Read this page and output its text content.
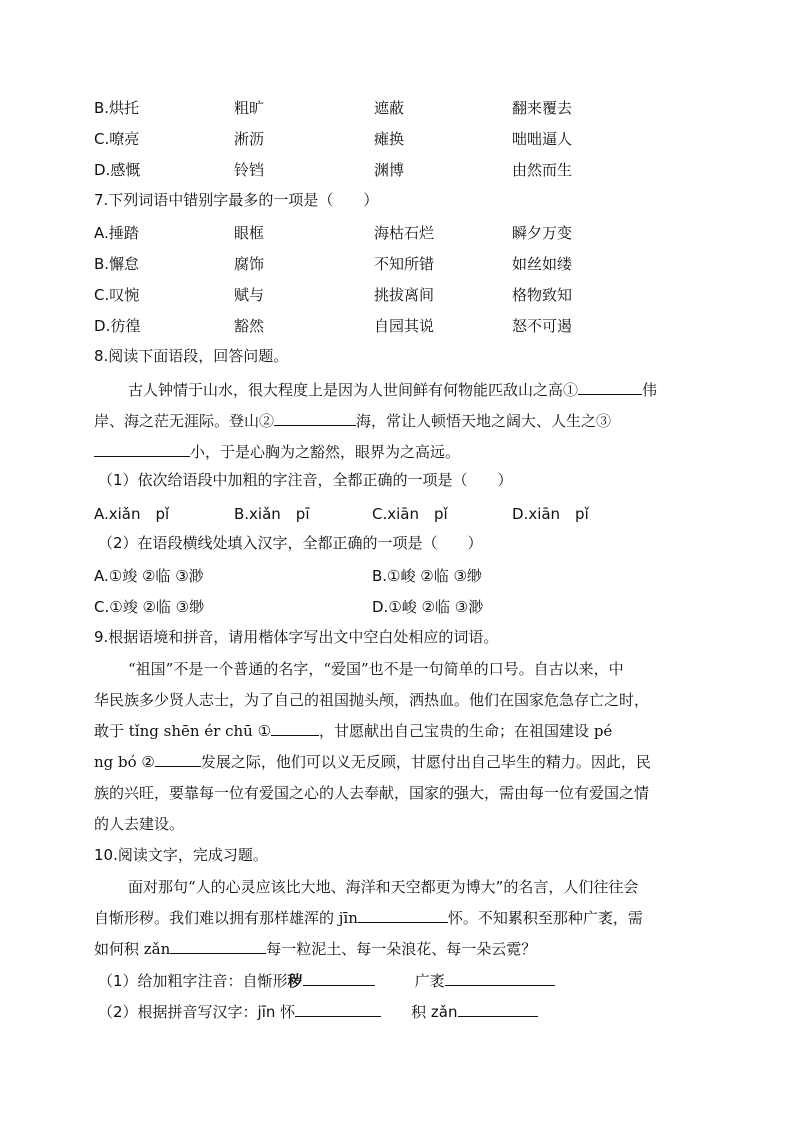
B.烘托	粗旷	遮蔽	翻来覆去
C.嘹亮	淅沥	瘫换	咄咄逼人
D.感慨	铃铛	渊博	由然而生
7.下列词语中错别字最多的一项是（　　）
A.捶踏	眼框	海枯石烂	瞬夕万变
B.懈怠	腐饰	不知所错	如丝如缕
C.叹惋	赋与	挑拔离间	格物致知
D.彷徨	豁然	自园其说	怒不可遏
8.阅读下面语段，回答问题。
古人钟情于山水，很大程度上是因为人世间鲜有何物能匹敌山之高①	伟
岸、海之茫无涯际。登山②	海，常让人顿悟天地之阔大、人生之③
小，于是心胸为之豁然，眼界为之高远。
（1）依次给语段中加粗的字注音，全都正确的一项是（　　）
A.xiǎn　pǐ	B.xiǎn　pī	C.xiān　pǐ	D.xiān　pǐ
（2）在语段横线处填入汉字，全都正确的一项是（　　）
A.①竣 ②临 ③渺	B.①峻 ②临 ③缈
C.①竣 ②临 ③缈	D.①峻 ②临 ③渺
9.根据语境和拼音，请用楷体字写出文中空白处相应的词语。
“祖国”不是一个普通的名字，“爱国”也不是一句简单的口号。自古以来，中
华民族多少贤人志士，为了自己的祖国抛头颅，洒热血。他们在国家危急存亡之时，
敢于 tǐng shēn ér chū ①	，甘愿献出自己宝贵的生命；在祖国建设 pé
ng bó ②	发展之际，他们可以义无反顾，甘愿付出自己毕生的精力。因此，民
族的兴旺，要靠每一位有爱国之心的人去奉献，国家的强大，需由每一位有爱国之情
的人去建设。
10.阅读文字，完成习题。
面对那句“人的心灵应该比大地、海洋和天空都更为博大”的名言，人们往往会
自惭形秽。我们难以拥有那样雄浑的 jīn	怀。不知累积至那种广袤，需
如何积 zǎn	每一粒泥土、每一朵浪花、每一朵云霓？
（1）给加粗字注音：自惭形秽	广袤
（2）根据拼音写汉字：jīn 怀	积 zǎn
